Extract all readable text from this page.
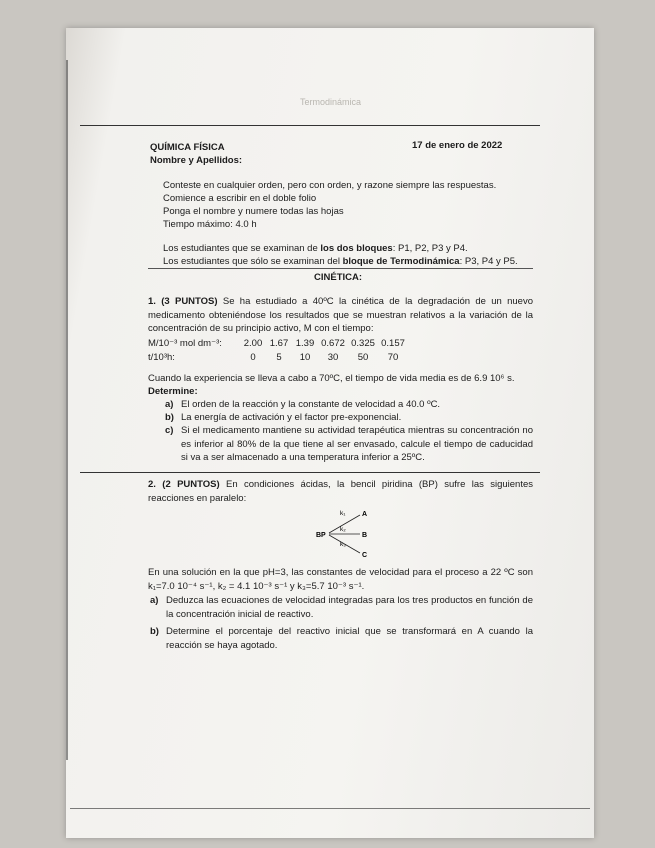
Termodinámica
QUÍMICA FÍSICA	17 de enero de 2022
Nombre y Apellidos:
Conteste en cualquier orden, pero con orden, y razone siempre las respuestas.
Comience a escribir en el doble folio
Ponga el nombre y numere todas las hojas
Tiempo máximo: 4.0 h
Los estudiantes que se examinan de los dos bloques: P1, P2, P3 y P4.
Los estudiantes que sólo se examinan del bloque de Termodinámica: P3, P4 y P5.
CINÉTICA:
1. (3 PUNTOS) Se ha estudiado a 40ºC la cinética de la degradación de un nuevo medicamento obteniéndose los resultados que se muestran relativos a la variación de la concentración de su principio activo, M con el tiempo:
M/10⁻³ mol dm⁻³:	2.00 1.67 1.39 0.672 0.325 0.157
t/10³h:	0	5	10	30	50	70
Cuando la experiencia se lleva a cabo a 70ºC, el tiempo de vida media es de 6.9 10⁶ s.
Determine:
a) El orden de la reacción y la constante de velocidad a 40.0 ºC.
b) La energía de activación y el factor pre-exponencial.
c) Si el medicamento mantiene su actividad terapéutica mientras su concentración no es inferior al 80% de la que tiene al ser envasado, calcule el tiempo de caducidad si va a ser almacenado a una temperatura inferior a 25ºC.
2. (2 PUNTOS) En condiciones ácidas, la bencil piridina (BP) sufre las siguientes reacciones en paralelo:
BP
k₁
k₂
k₃
A
B
C
En una solución en la que pH=3, las constantes de velocidad para el proceso a 22 ºC son k₁=7.0 10⁻⁴ s⁻¹, k₂ = 4.1 10⁻³ s⁻¹ y k₃=5.7 10⁻³ s⁻¹.
a) Deduzca las ecuaciones de velocidad integradas para los tres productos en función de la concentración inicial de reactivo.
b) Determine el porcentaje del reactivo inicial que se transformará en A cuando la reacción se haya agotado.
